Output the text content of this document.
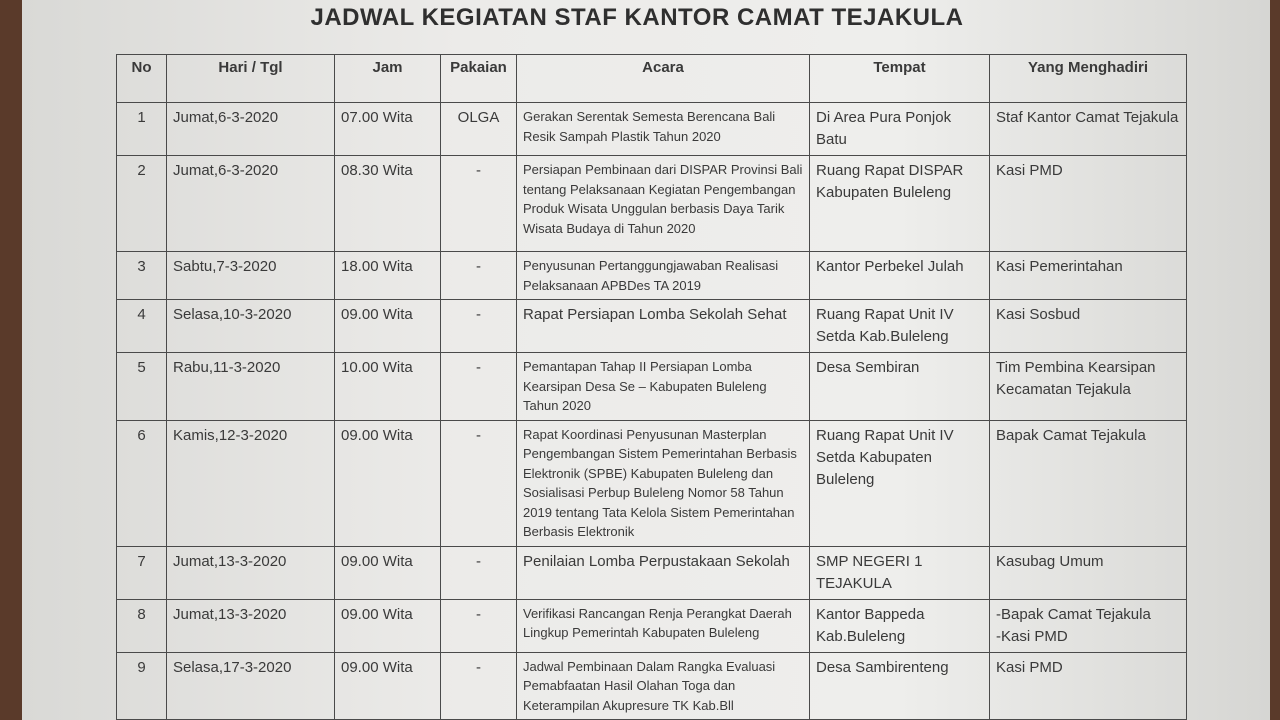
JADWAL KEGIATAN STAF KANTOR CAMAT TEJAKULA
No	Hari / Tgl	Jam	Pakaian	Acara	Tempat	Yang Menghadiri
1	Jumat,6-3-2020	07.00 Wita	OLGA	Gerakan Serentak Semesta Berencana Bali Resik Sampah Plastik Tahun 2020	Di Area Pura Ponjok Batu	Staf Kantor Camat Tejakula
2	Jumat,6-3-2020	08.30 Wita	-	Persiapan Pembinaan dari DISPAR Provinsi Bali tentang Pelaksanaan Kegiatan Pengembangan Produk Wisata Unggulan berbasis Daya Tarik Wisata Budaya di Tahun 2020	Ruang Rapat DISPAR Kabupaten Buleleng	Kasi PMD
3	Sabtu,7-3-2020	18.00 Wita	-	Penyusunan Pertanggungjawaban Realisasi Pelaksanaan APBDes TA 2019	Kantor Perbekel Julah	Kasi Pemerintahan
4	Selasa,10-3-2020	09.00 Wita	-	Rapat Persiapan Lomba Sekolah Sehat	Ruang Rapat Unit IV Setda Kab.Buleleng	Kasi Sosbud
5	Rabu,11-3-2020	10.00 Wita	-	Pemantapan Tahap II Persiapan Lomba Kearsipan Desa Se – Kabupaten Buleleng Tahun 2020	Desa Sembiran	Tim Pembina Kearsipan Kecamatan Tejakula
6	Kamis,12-3-2020	09.00 Wita	-	Rapat Koordinasi Penyusunan Masterplan Pengembangan Sistem Pemerintahan Berbasis Elektronik (SPBE) Kabupaten Buleleng dan Sosialisasi Perbup Buleleng Nomor 58 Tahun 2019 tentang Tata Kelola Sistem Pemerintahan Berbasis Elektronik	Ruang Rapat Unit IV Setda Kabupaten Buleleng	Bapak Camat Tejakula
7	Jumat,13-3-2020	09.00 Wita	-	Penilaian Lomba Perpustakaan Sekolah	SMP NEGERI 1 TEJAKULA	Kasubag Umum
8	Jumat,13-3-2020	09.00 Wita	-	Verifikasi Rancangan Renja Perangkat Daerah Lingkup Pemerintah Kabupaten Buleleng	Kantor Bappeda Kab.Buleleng	-Bapak Camat Tejakula
-Kasi PMD
9	Selasa,17-3-2020	09.00 Wita	-	Jadwal Pembinaan Dalam Rangka Evaluasi Pemabfaatan Hasil Olahan Toga dan Keterampilan Akupresure TK Kab.Bll	Desa Sambirenteng	Kasi PMD
